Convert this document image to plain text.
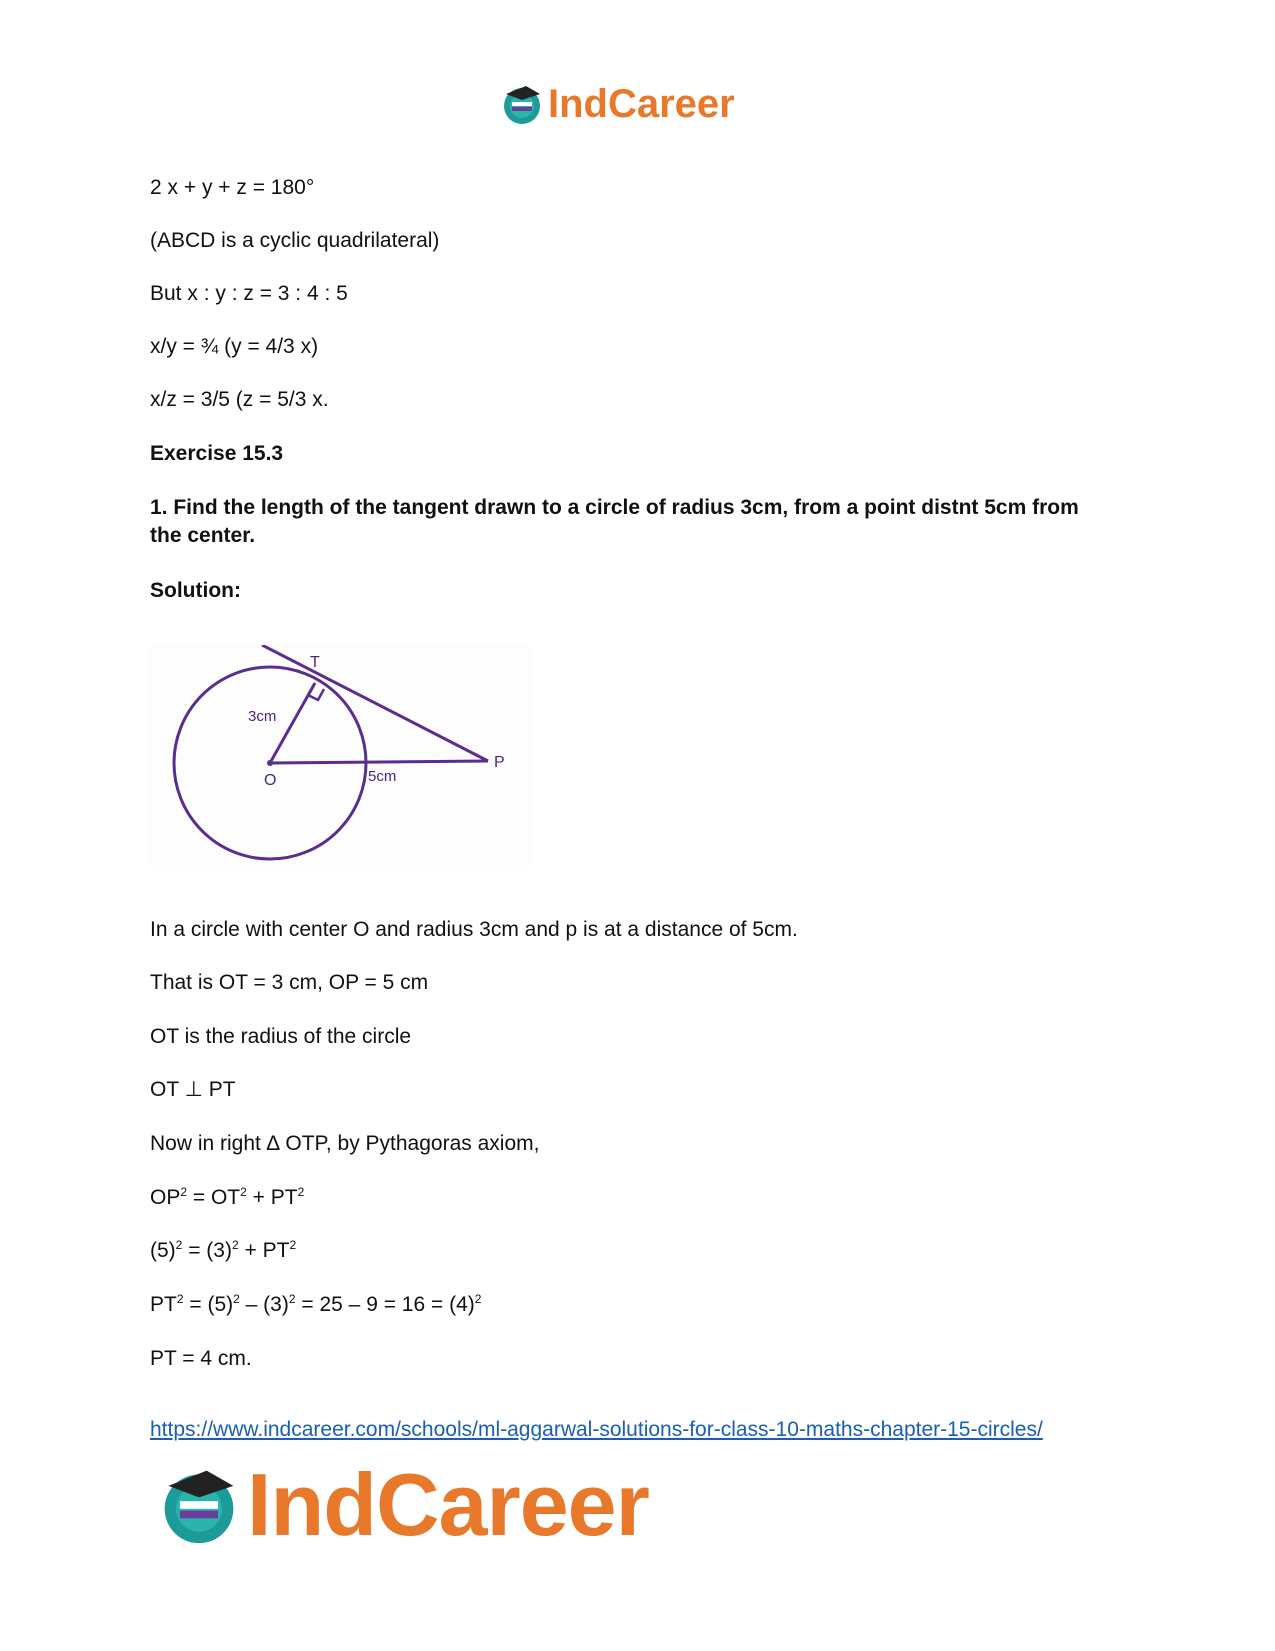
IndCareer
2 x + y + z = 180°
(ABCD is a cyclic quadrilateral)
But x : y : z = 3 : 4 : 5
x/y = ¾ (y = 4/3 x)
x/z = 3/5 (z = 5/3 x.
Exercise 15.3
1. Find the length of the tangent drawn to a circle of radius 3cm, from a point distnt 5cm from the center.
Solution:
T
O
P
3cm
5cm
In a circle with center O and radius 3cm and p is at a distance of 5cm.
That is OT = 3 cm, OP = 5 cm
OT is the radius of the circle
OT ⊥ PT
Now in right ∆ OTP, by Pythagoras axiom,
$OP^2 = OT^2 + PT^2$
$(5)^2 = (3)^2 + PT^2$
$PT^2 = (5)^2 - (3)^2 = 25 - 9 = 16 = (4)^2$
PT = 4 cm.
https://www.indcareer.com/schools/ml-aggarwal-solutions-for-class-10-maths-chapter-15-circles/
IndCareer
